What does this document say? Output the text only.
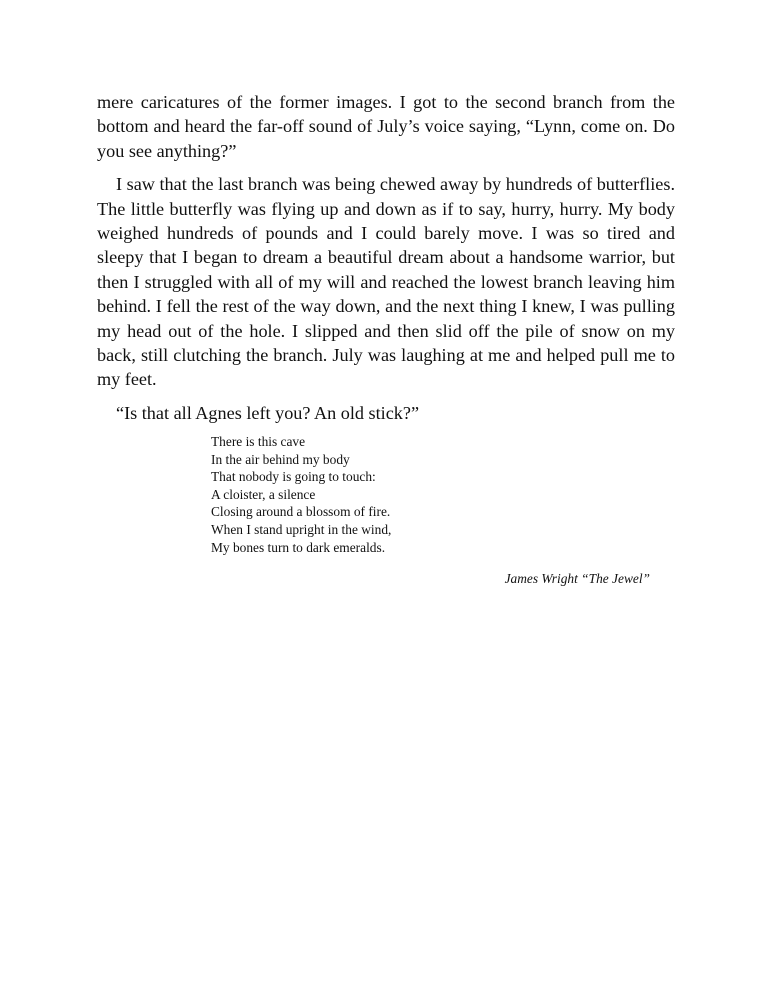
mere caricatures of the former images. I got to the second branch from the bottom and heard the far-off sound of July’s voice saying, “Lynn, come on. Do you see anything?”

I saw that the last branch was being chewed away by hundreds of butterflies. The little butterfly was flying up and down as if to say, hurry, hurry. My body weighed hundreds of pounds and I could barely move. I was so tired and sleepy that I began to dream a beautiful dream about a handsome warrior, but then I struggled with all of my will and reached the lowest branch leaving him behind. I fell the rest of the way down, and the next thing I knew, I was pulling my head out of the hole. I slipped and then slid off the pile of snow on my back, still clutching the branch. July was laughing at me and helped pull me to my feet.

“Is that all Agnes left you? An old stick?”

There is this cave
In the air behind my body
That nobody is going to touch:
A cloister, a silence
Closing around a blossom of fire.
When I stand upright in the wind,
My bones turn to dark emeralds.
James Wright “The Jewel”
